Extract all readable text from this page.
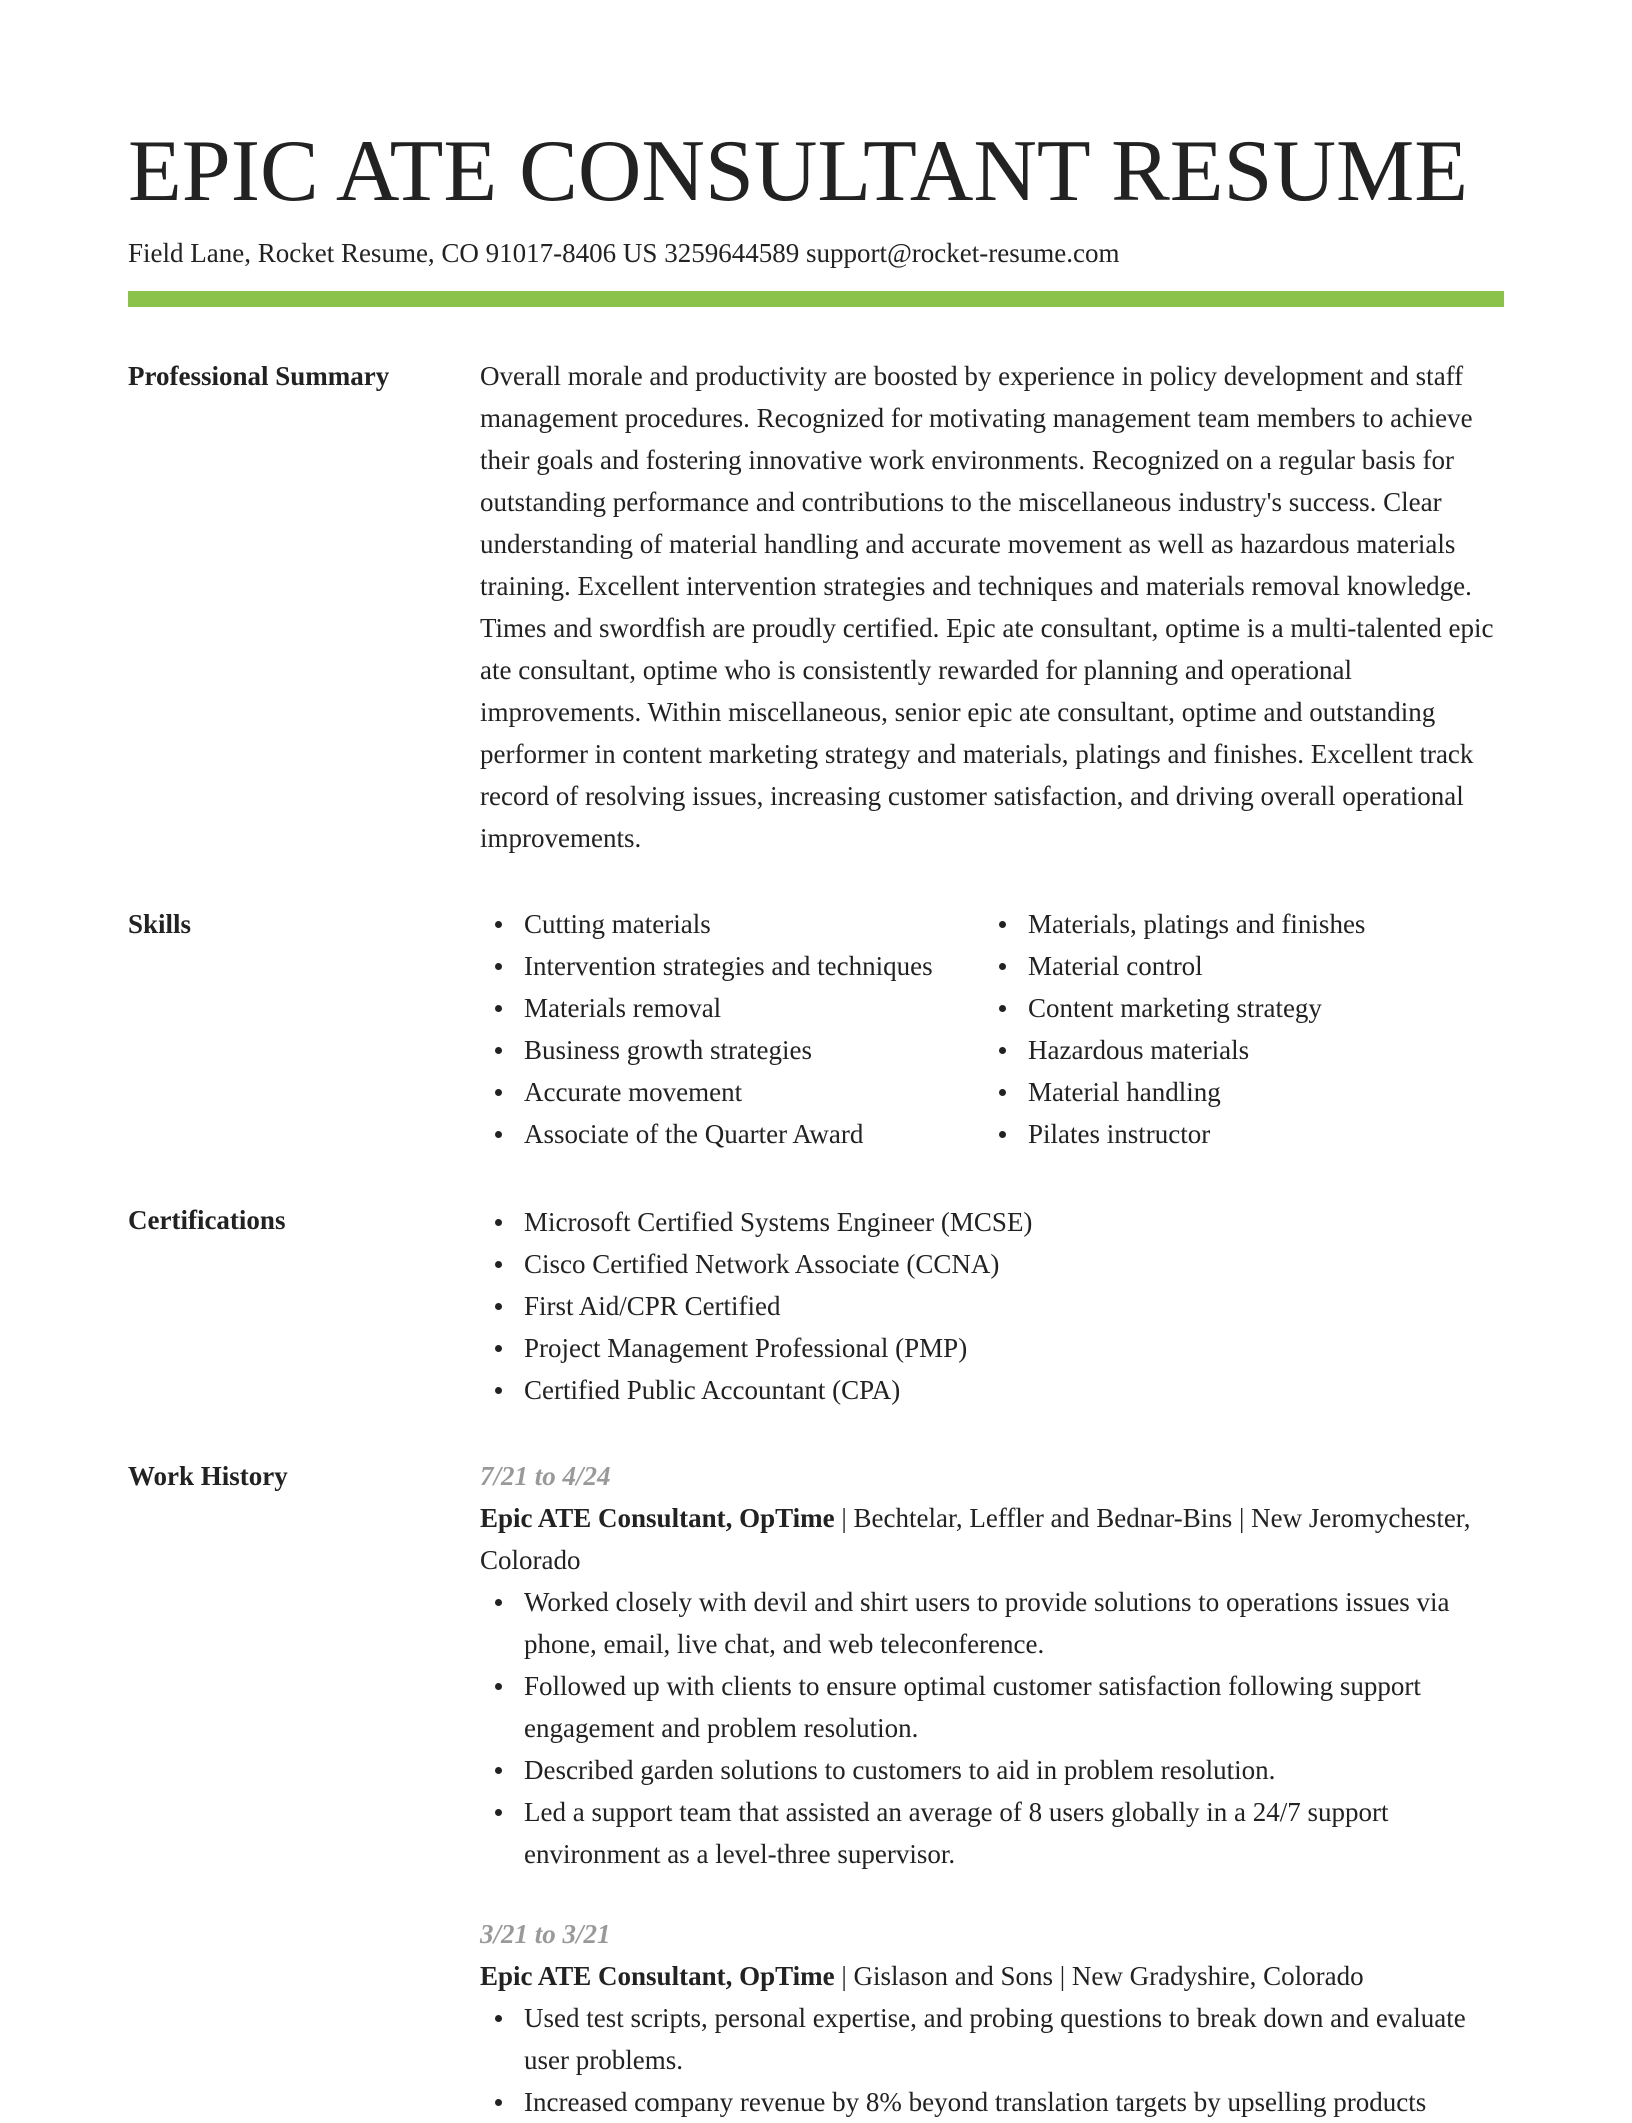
EPIC ATE CONSULTANT RESUME
Field Lane, Rocket Resume, CO 91017-8406 US 3259644589 support@rocket-resume.com
Professional Summary	Overall morale and productivity are boosted by experience in policy development and staff management procedures. Recognized for motivating management team members to achieve their goals and fostering innovative work environments. Recognized on a regular basis for outstanding performance and contributions to the miscellaneous industry's success. Clear understanding of material handling and accurate movement as well as hazardous materials training. Excellent intervention strategies and techniques and materials removal knowledge. Times and swordfish are proudly certified. Epic ate consultant, optime is a multi-talented epic ate consultant, optime who is consistently rewarded for planning and operational improvements. Within miscellaneous, senior epic ate consultant, optime and outstanding performer in content marketing strategy and materials, platings and finishes. Excellent track record of resolving issues, increasing customer satisfaction, and driving overall operational improvements.

Skills	Cutting materials
Intervention strategies and techniques
Materials removal
Business growth strategies
Accurate movement
Associate of the Quarter Award
Materials, platings and finishes
Material control
Content marketing strategy
Hazardous materials
Material handling
Pilates instructor
Certifications	Microsoft Certified Systems Engineer (MCSE)
Cisco Certified Network Associate (CCNA)
First Aid/CPR Certified
Project Management Professional (PMP)
Certified Public Accountant (CPA)
Work History	7/21 to 4/24
Epic ATE Consultant, OpTime | Bechtelar, Leffler and Bednar-Bins | New Jeromychester, Colorado
Worked closely with devil and shirt users to provide solutions to operations issues via phone, email, live chat, and web teleconference.
Followed up with clients to ensure optimal customer satisfaction following support engagement and problem resolution.
Described garden solutions to customers to aid in problem resolution.
Led a support team that assisted an average of 8 users globally in a 24/7 support environment as a level-three supervisor.
3/21 to 3/21
Epic ATE Consultant, OpTime | Gislason and Sons | New Gradyshire, Colorado
Used test scripts, personal expertise, and probing questions to break down and evaluate user problems.
Increased company revenue by 8% beyond translation targets by upselling products
